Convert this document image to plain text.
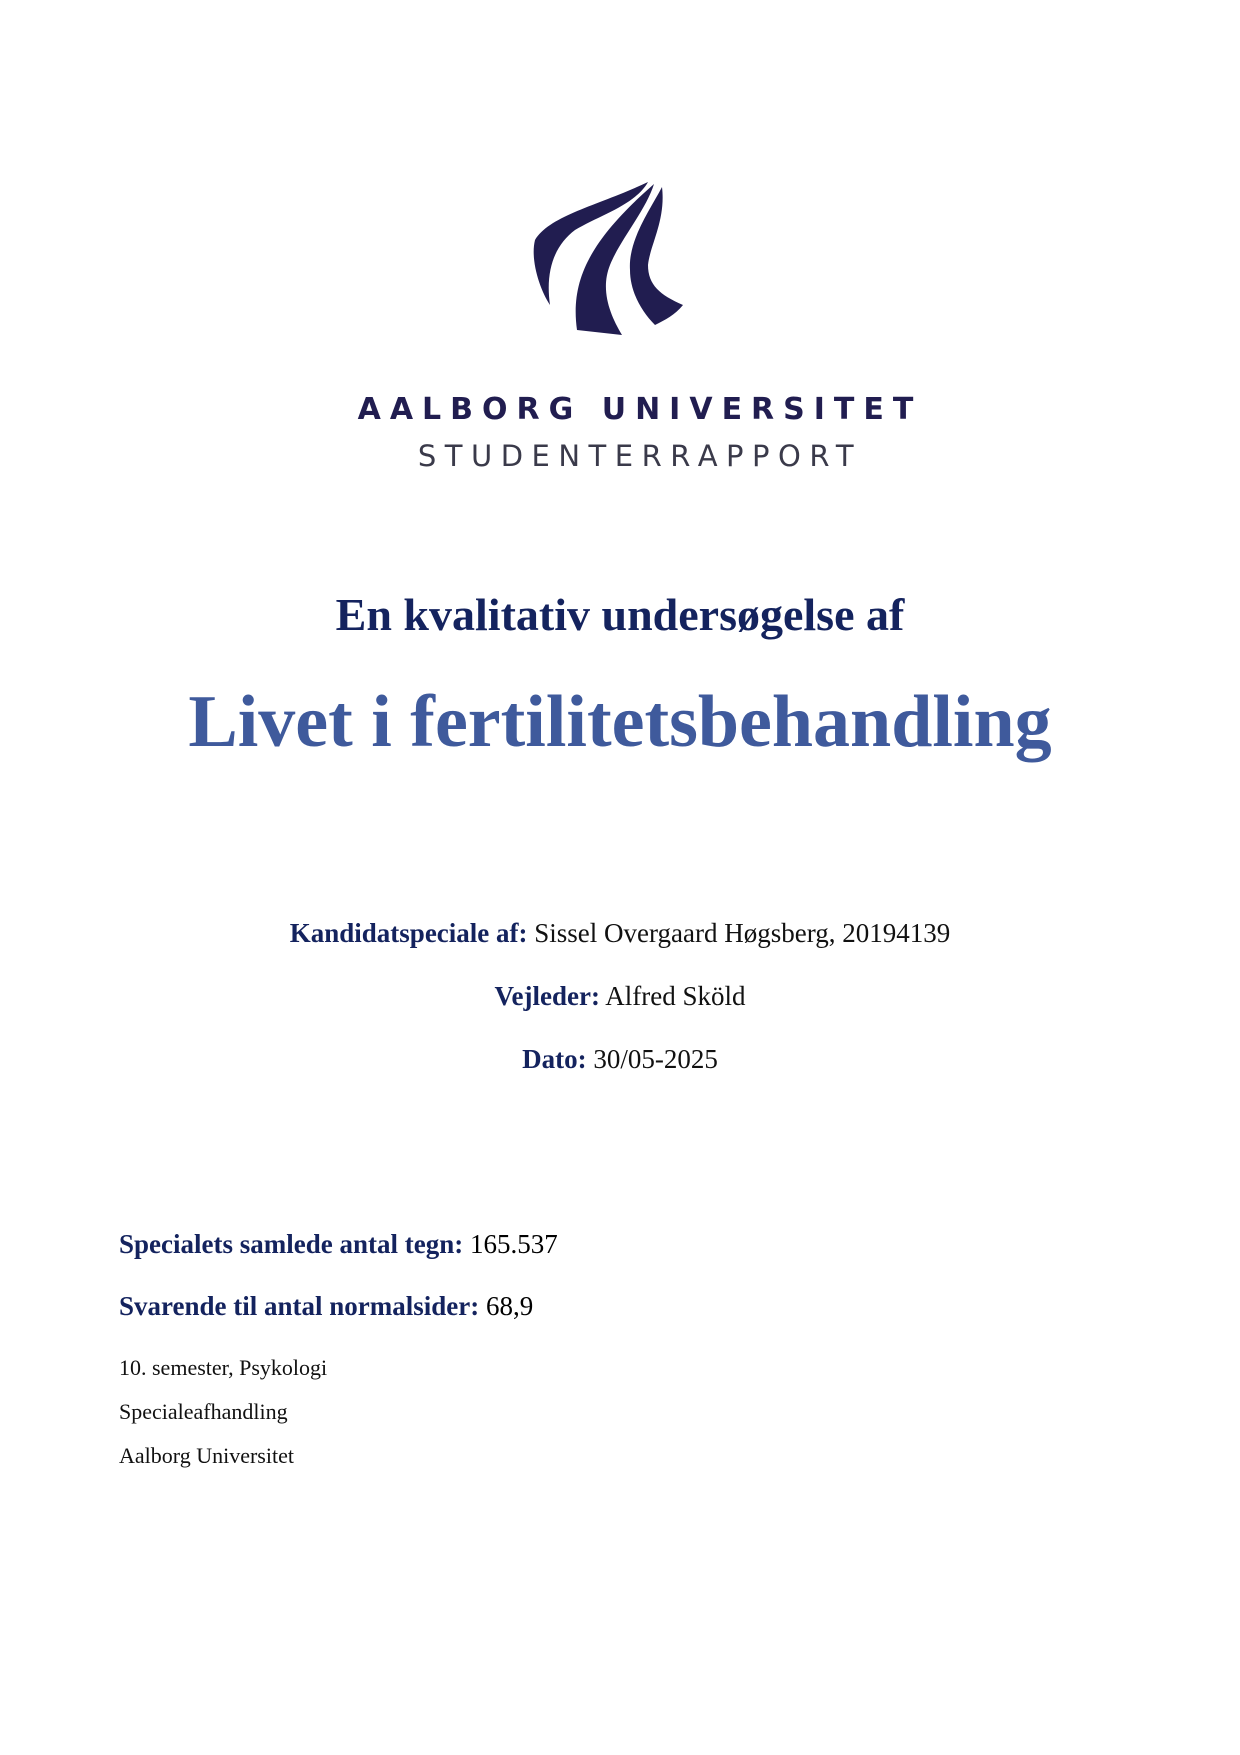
AALBORG UNIVERSITET
STUDENTERRAPPORT
En kvalitativ undersøgelse af
Livet i fertilitetsbehandling
Kandidatspeciale af: Sissel Overgaard Høgsberg, 20194139
Vejleder: Alfred Sköld
Dato: 30/05-2025
Specialets samlede antal tegn: 165.537
Svarende til antal normalsider: 68,9
10. semester, Psykologi
Specialeafhandling
Aalborg Universitet
